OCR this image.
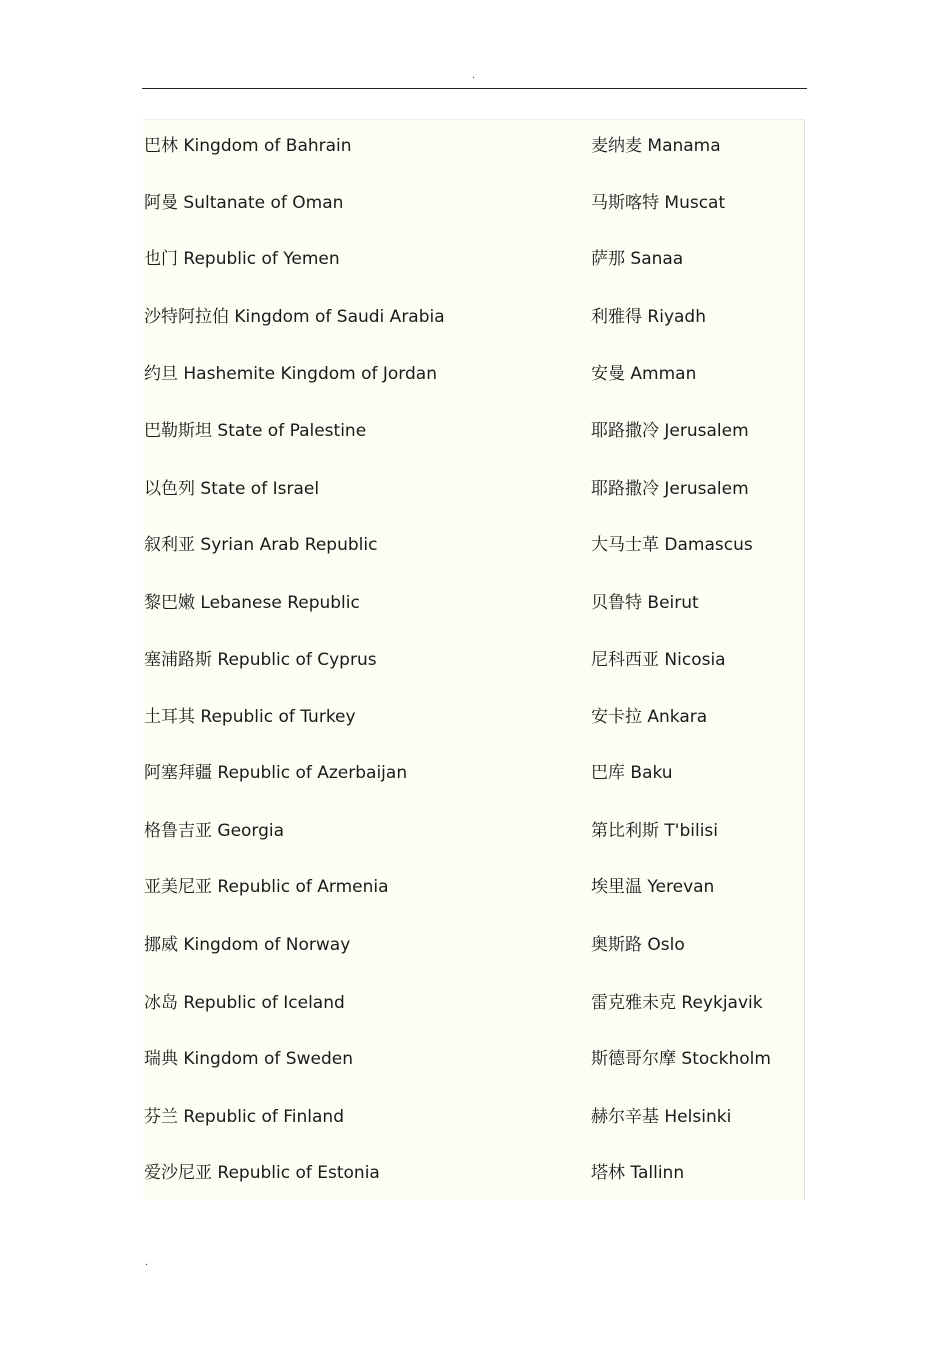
.
巴林 Kingdom of Bahrain	麦纳麦 Manama
阿曼 Sultanate of Oman	马斯喀特 Muscat
也门 Republic of Yemen	萨那 Sanaa
沙特阿拉伯 Kingdom of Saudi Arabia	利雅得 Riyadh
约旦 Hashemite Kingdom of Jordan	安曼 Amman
巴勒斯坦 State of Palestine	耶路撒冷 Jerusalem
以色列 State of Israel	耶路撒冷 Jerusalem
叙利亚 Syrian Arab Republic	大马士革 Damascus
黎巴嫩 Lebanese Republic	贝鲁特 Beirut
塞浦路斯 Republic of Cyprus	尼科西亚 Nicosia
土耳其 Republic of Turkey	安卡拉 Ankara
阿塞拜疆 Republic of Azerbaijan	巴库 Baku
格鲁吉亚 Georgia	第比利斯 T'bilisi
亚美尼亚 Republic of Armenia	埃里温 Yerevan
挪威 Kingdom of Norway	奥斯路 Oslo
冰岛 Republic of Iceland	雷克雅未克 Reykjavik
瑞典 Kingdom of Sweden	斯德哥尔摩 Stockholm
芬兰 Republic of Finland	赫尔辛基 Helsinki
爱沙尼亚 Republic of Estonia	塔林 Tallinn
.
